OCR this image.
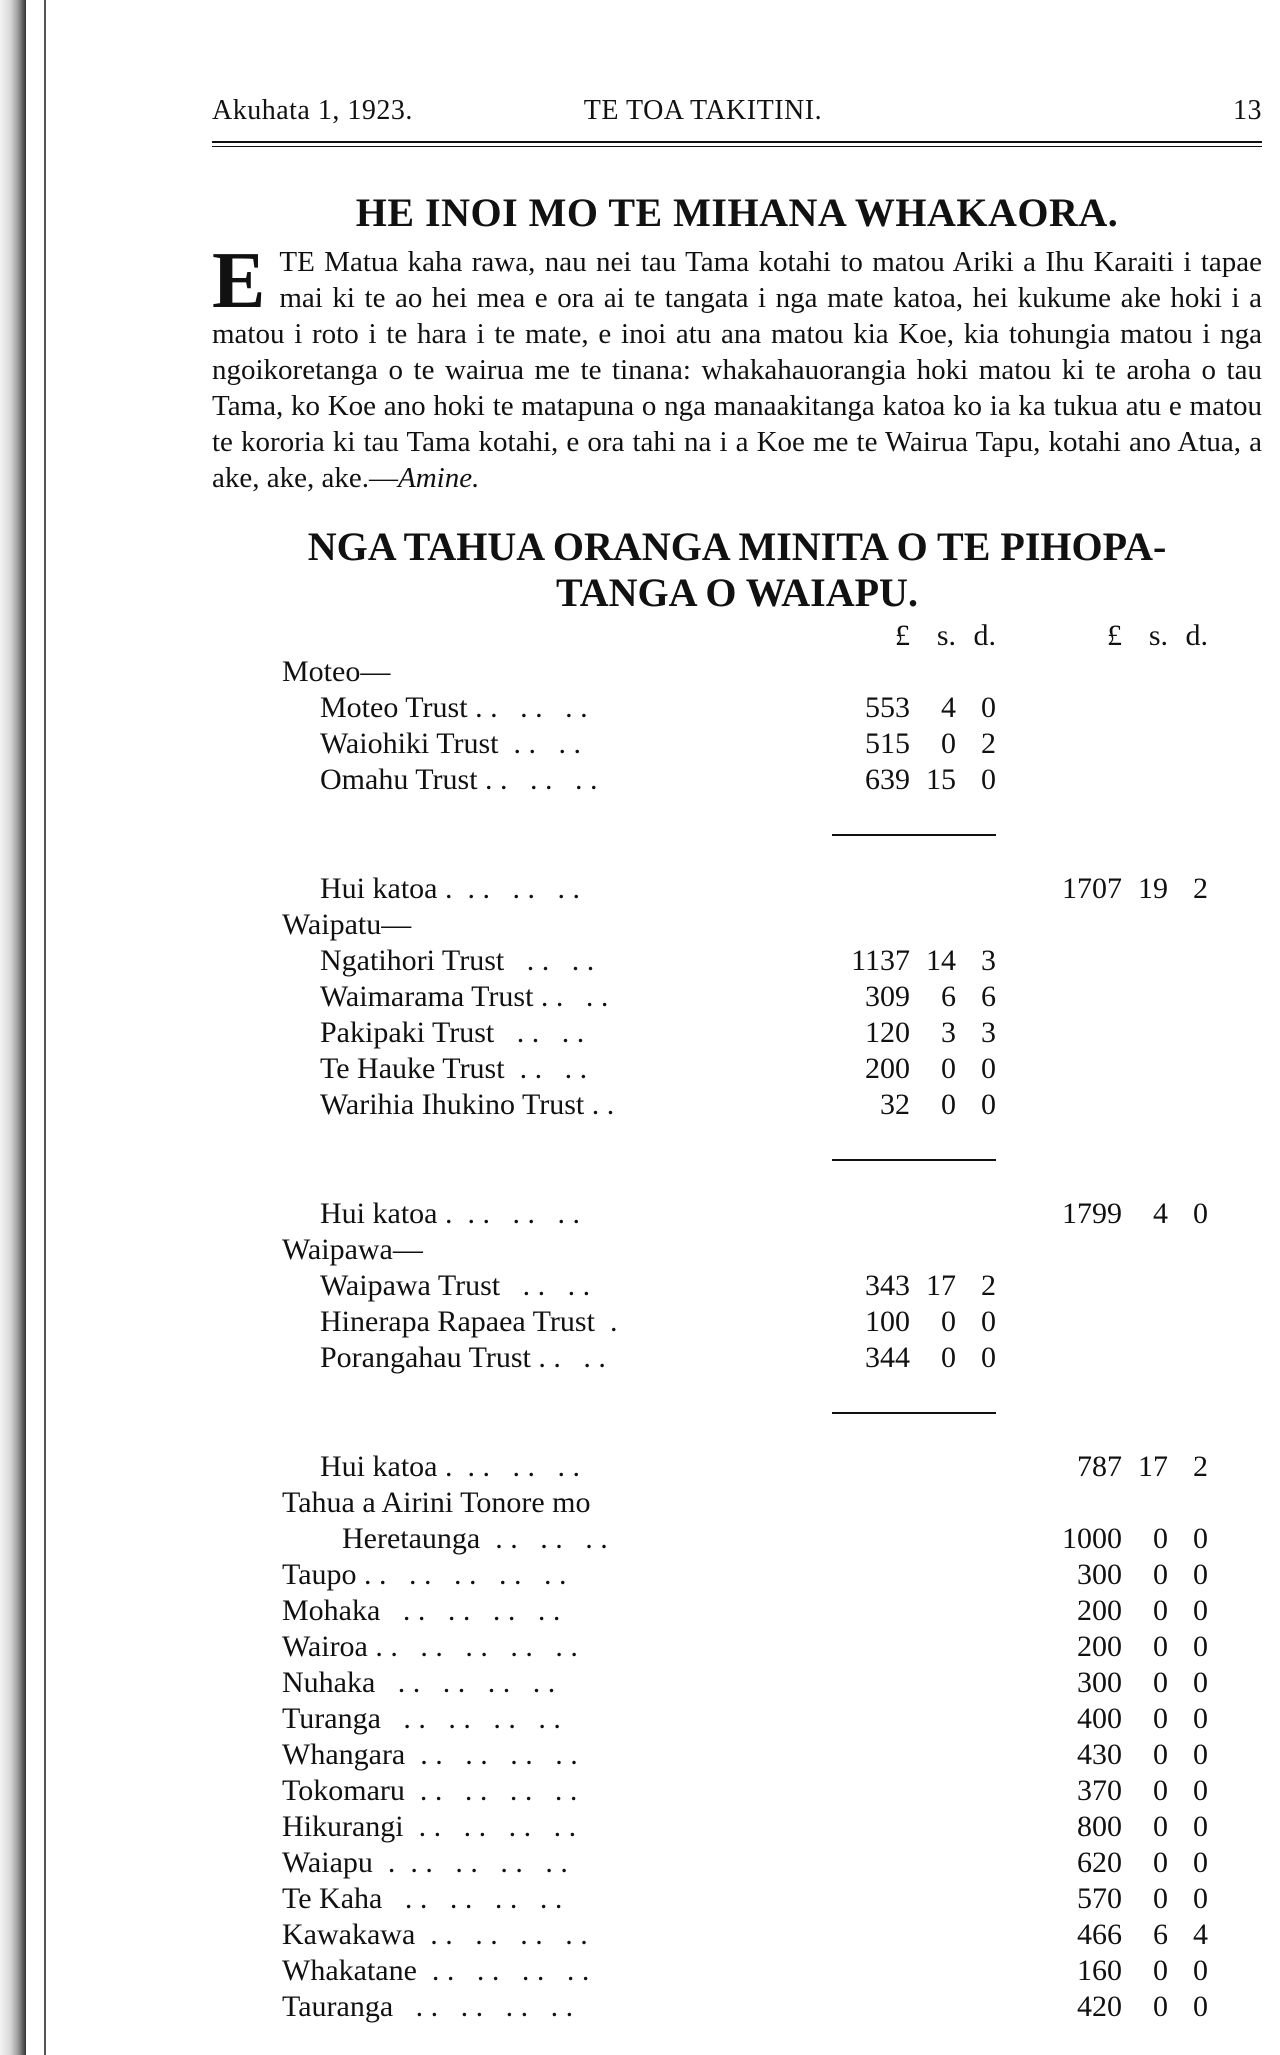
Akuhata 1, 1923.	TE TOA TAKITINI.	13
HE INOI MO TE MIHANA WHAKAORA.
E TE Matua kaha rawa, nau nei tau Tama kotahi to matou Ariki a Ihu Karaiti i tapae mai ki te ao hei mea e ora ai te tangata i nga mate katoa, hei kukume ake hoki i a matou i roto i te hara i te mate, e inoi atu ana matou kia Koe, kia tohungia matou i nga ngoikoretanga o te wairua me te tinana: whakahauorangia hoki matou ki te aroha o tau Tama, ko Koe ano hoki te matapuna o nga manaakitanga katoa ko ia ka tukua atu e matou te kororia ki tau Tama kotahi, e ora tahi na i a Koe me te Wairua Tapu, kotahi ano Atua, a ake, ake, ake.—Amine.
NGA TAHUA ORANGA MINITA O TE PIHOPA-
TANGA O WAIAPU.
	£	s.	d.		£	s.	d.
Moteo—							
Moteo Trust . .   . .   . .	553	4	0				
Waiohiki Trust  . .   . .	515	0	2				
Omahu Trust . .   . .   . .	639	15	0				

Hui katoa .  . .   . .   . .					1707	19	2
Waipatu—							
Ngatihori Trust   . .   . .	1137	14	3				
Waimarama Trust . .   . .	309	6	6				
Pakipaki Trust   . .   . .	120	3	3				
Te Hauke Trust  . .   . .	200	0	0				
Warihia Ihukino Trust . .	32	0	0				

Hui katoa .  . .   . .   . .					1799	4	0
Waipawa—							
Waipawa Trust   . .   . .	343	17	2				
Hinerapa Rapaea Trust  .	100	0	0				
Porangahau Trust . .   . .	344	0	0				

Hui katoa .  . .   . .   . .					787	17	2
Tahua a Airini Tonore mo							
Heretaunga  . .   . .   . .					1000	0	0
Taupo . .   . .   . .   . .   . .					300	0	0
Mohaka   . .   . .   . .   . .					200	0	0
Wairoa . .   . .   . .   . .   . .					200	0	0
Nuhaka   . .   . .   . .   . .					300	0	0
Turanga   . .   . .   . .   . .					400	0	0
Whangara  . .   . .   . .   . .					430	0	0
Tokomaru  . .   . .   . .   . .					370	0	0
Hikurangi  . .   . .   . .   . .					800	0	0
Waiapu  .  . .   . .   . .   . .					620	0	0
Te Kaha   . .   . .   . .   . .					570	0	0
Kawakawa  . .   . .   . .   . .					466	6	4
Whakatane  . .   . .   . .   . .					160	0	0
Tauranga   . .   . .   . .   . .					420	0	0
